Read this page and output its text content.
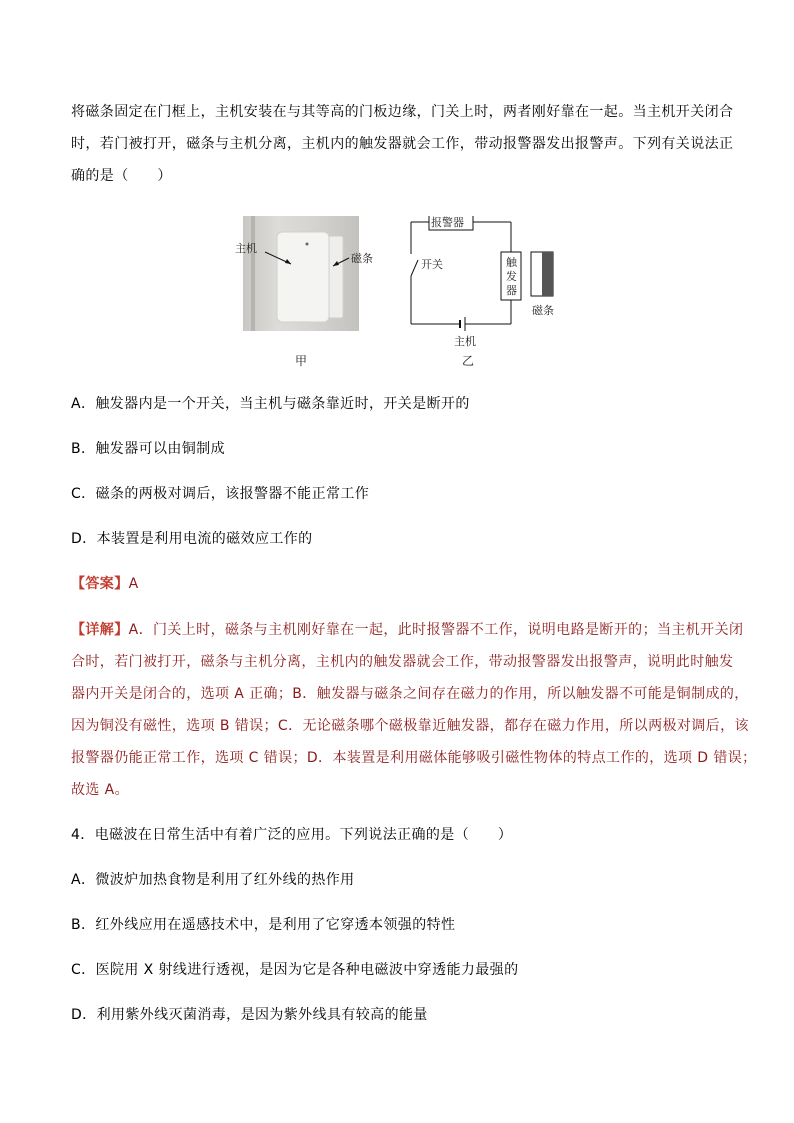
将磁条固定在门框上，主机安装在与其等高的门板边缘，门关上时，两者刚好靠在一起。当主机开关闭合
时，若门被打开，磁条与主机分离，主机内的触发器就会工作，带动报警器发出报警声。下列有关说法正
确的是（　　）
主机
磁条
甲
报警器
开关	触
发
器
磁条
主机
乙
A．触发器内是一个开关，当主机与磁条靠近时，开关是断开的
B．触发器可以由铜制成
C．磁条的两极对调后，该报警器不能正常工作
D．本装置是利用电流的磁效应工作的
【答案】A
【详解】A．门关上时，磁条与主机刚好靠在一起，此时报警器不工作，说明电路是断开的；当主机开关闭
合时，若门被打开，磁条与主机分离，主机内的触发器就会工作，带动报警器发出报警声，说明此时触发
器内开关是闭合的，选项 A 正确；B．触发器与磁条之间存在磁力的作用，所以触发器不可能是铜制成的，
因为铜没有磁性，选项 B 错误；C．无论磁条哪个磁极靠近触发器，都存在磁力作用，所以两极对调后，该
报警器仍能正常工作，选项 C 错误；D．本装置是利用磁体能够吸引磁性物体的特点工作的，选项 D 错误；
故选 A。
4．电磁波在日常生活中有着广泛的应用。下列说法正确的是（　　）
A．微波炉加热食物是利用了红外线的热作用
B．红外线应用在遥感技术中，是利用了它穿透本领强的特性
C．医院用 X 射线进行透视，是因为它是各种电磁波中穿透能力最强的
D．利用紫外线灭菌消毒，是因为紫外线具有较高的能量
